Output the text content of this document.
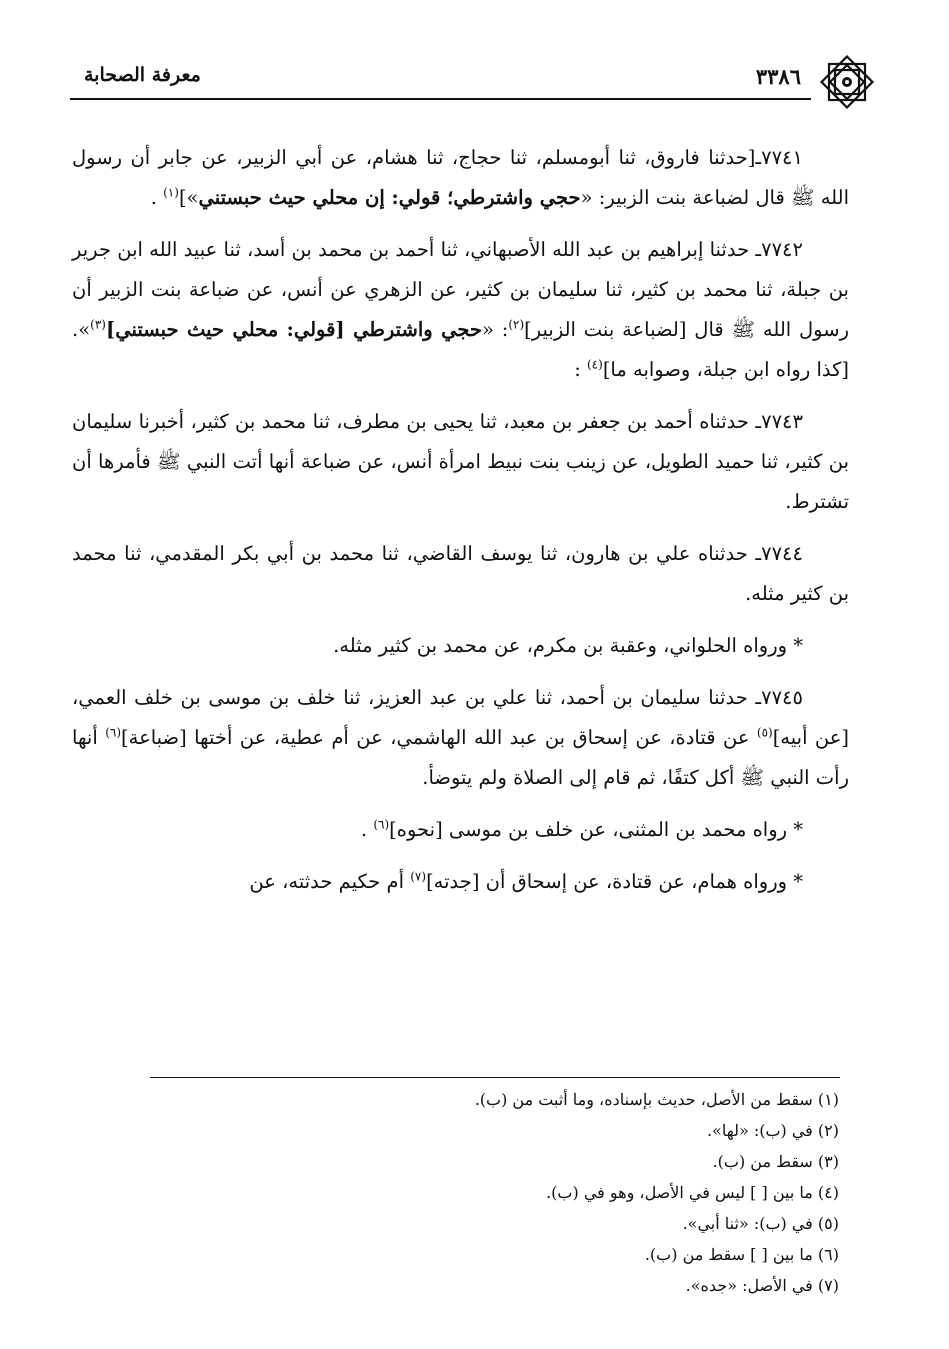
٣٣٨٦
معرفة الصحابة

٧٧٤١ـ[حدثنا فاروق، ثنا أبومسلم، ثنا حجاج، ثنا هشام، عن أبي الزبير، عن جابر أن رسول الله ﷺ قال لضباعة بنت الزبير: «حجي واشترطي؛ قولي: إن محلي حيث حبستني»]$^{(١)}$ .

٧٧٤٢ـ حدثنا إبراهيم بن عبد الله الأصبهاني، ثنا أحمد بن محمد بن أسد، ثنا عبيد الله ابن جرير بن جبلة، ثنا محمد بن كثير، ثنا سليمان بن كثير، عن الزهري عن أنس، عن ضباعة بنت الزبير أن رسول الله ﷺ قال [لضباعة بنت الزبير]$^{(٢)}$: «حجي واشترطي [قولي: محلي حيث حبستني]$^{(٣)}$». [كذا رواه ابن جبلة، وصوابه ما]$^{(٤)}$ :

٧٧٤٣ـ حدثناه أحمد بن جعفر بن معبد، ثنا يحيى بن مطرف، ثنا محمد بن كثير، أخبرنا سليمان بن كثير، ثنا حميد الطويل، عن زينب بنت نبيط امرأة أنس، عن ضباعة أنها أتت النبي ﷺ فأمرها أن تشترط.

٧٧٤٤ـ حدثناه علي بن هارون، ثنا يوسف القاضي، ثنا محمد بن أبي بكر المقدمي، ثنا محمد بن كثير مثله.

* ورواه الحلواني، وعقبة بن مكرم، عن محمد بن كثير مثله.

٧٧٤٥ـ حدثنا سليمان بن أحمد، ثنا علي بن عبد العزيز، ثنا خلف بن موسى بن خلف العمي، [عن أبيه]$^{(٥)}$ عن قتادة، عن إسحاق بن عبد الله الهاشمي، عن أم عطية، عن أختها [ضباعة]$^{(٦)}$ أنها رأت النبي ﷺ أكل كتفًا، ثم قام إلى الصلاة ولم يتوضأ.

* رواه محمد بن المثنى، عن خلف بن موسى [نحوه]$^{(٦)}$ .

* ورواه همام، عن قتادة، عن إسحاق أن [جدته]$^{(٧)}$ أم حكيم حدثته، عن

(١) سقط من الأصل، حديث بإسناده، وما أثبت من (ب).
(٢) في (ب): «لها».
(٣) سقط من (ب).
(٤) ما بين [ ] ليس في الأصل، وهو في (ب).
(٥) في (ب): «ثنا أبي».
(٦) ما بين [ ] سقط من (ب).
(٧) في الأصل: «جده».
